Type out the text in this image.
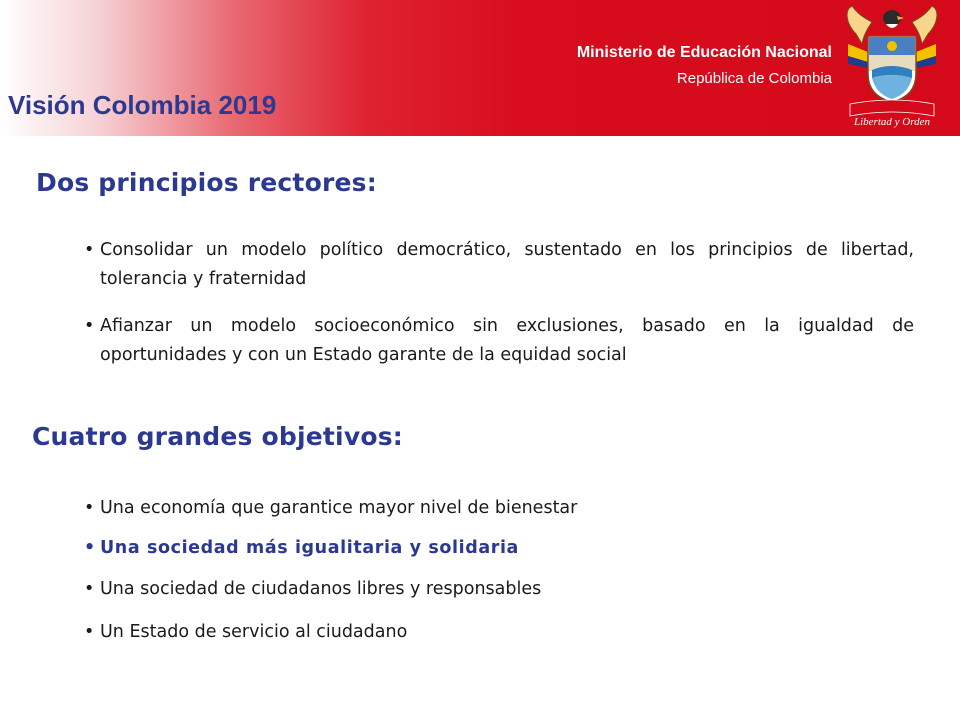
Ministerio de Educación Nacional
República de Colombia
Libertad y Orden
Visión Colombia 2019
Dos principios rectores:
• Consolidar un modelo político democrático, sustentado en los principios de libertad, tolerancia y fraternidad
• Afianzar un modelo socioeconómico sin exclusiones, basado en la igualdad de oportunidades y con un Estado garante de la equidad social
Cuatro grandes objetivos:
• Una economía que garantice mayor nivel de bienestar
• Una sociedad más igualitaria y solidaria
• Una sociedad de ciudadanos libres y responsables
• Un Estado de servicio al ciudadano
